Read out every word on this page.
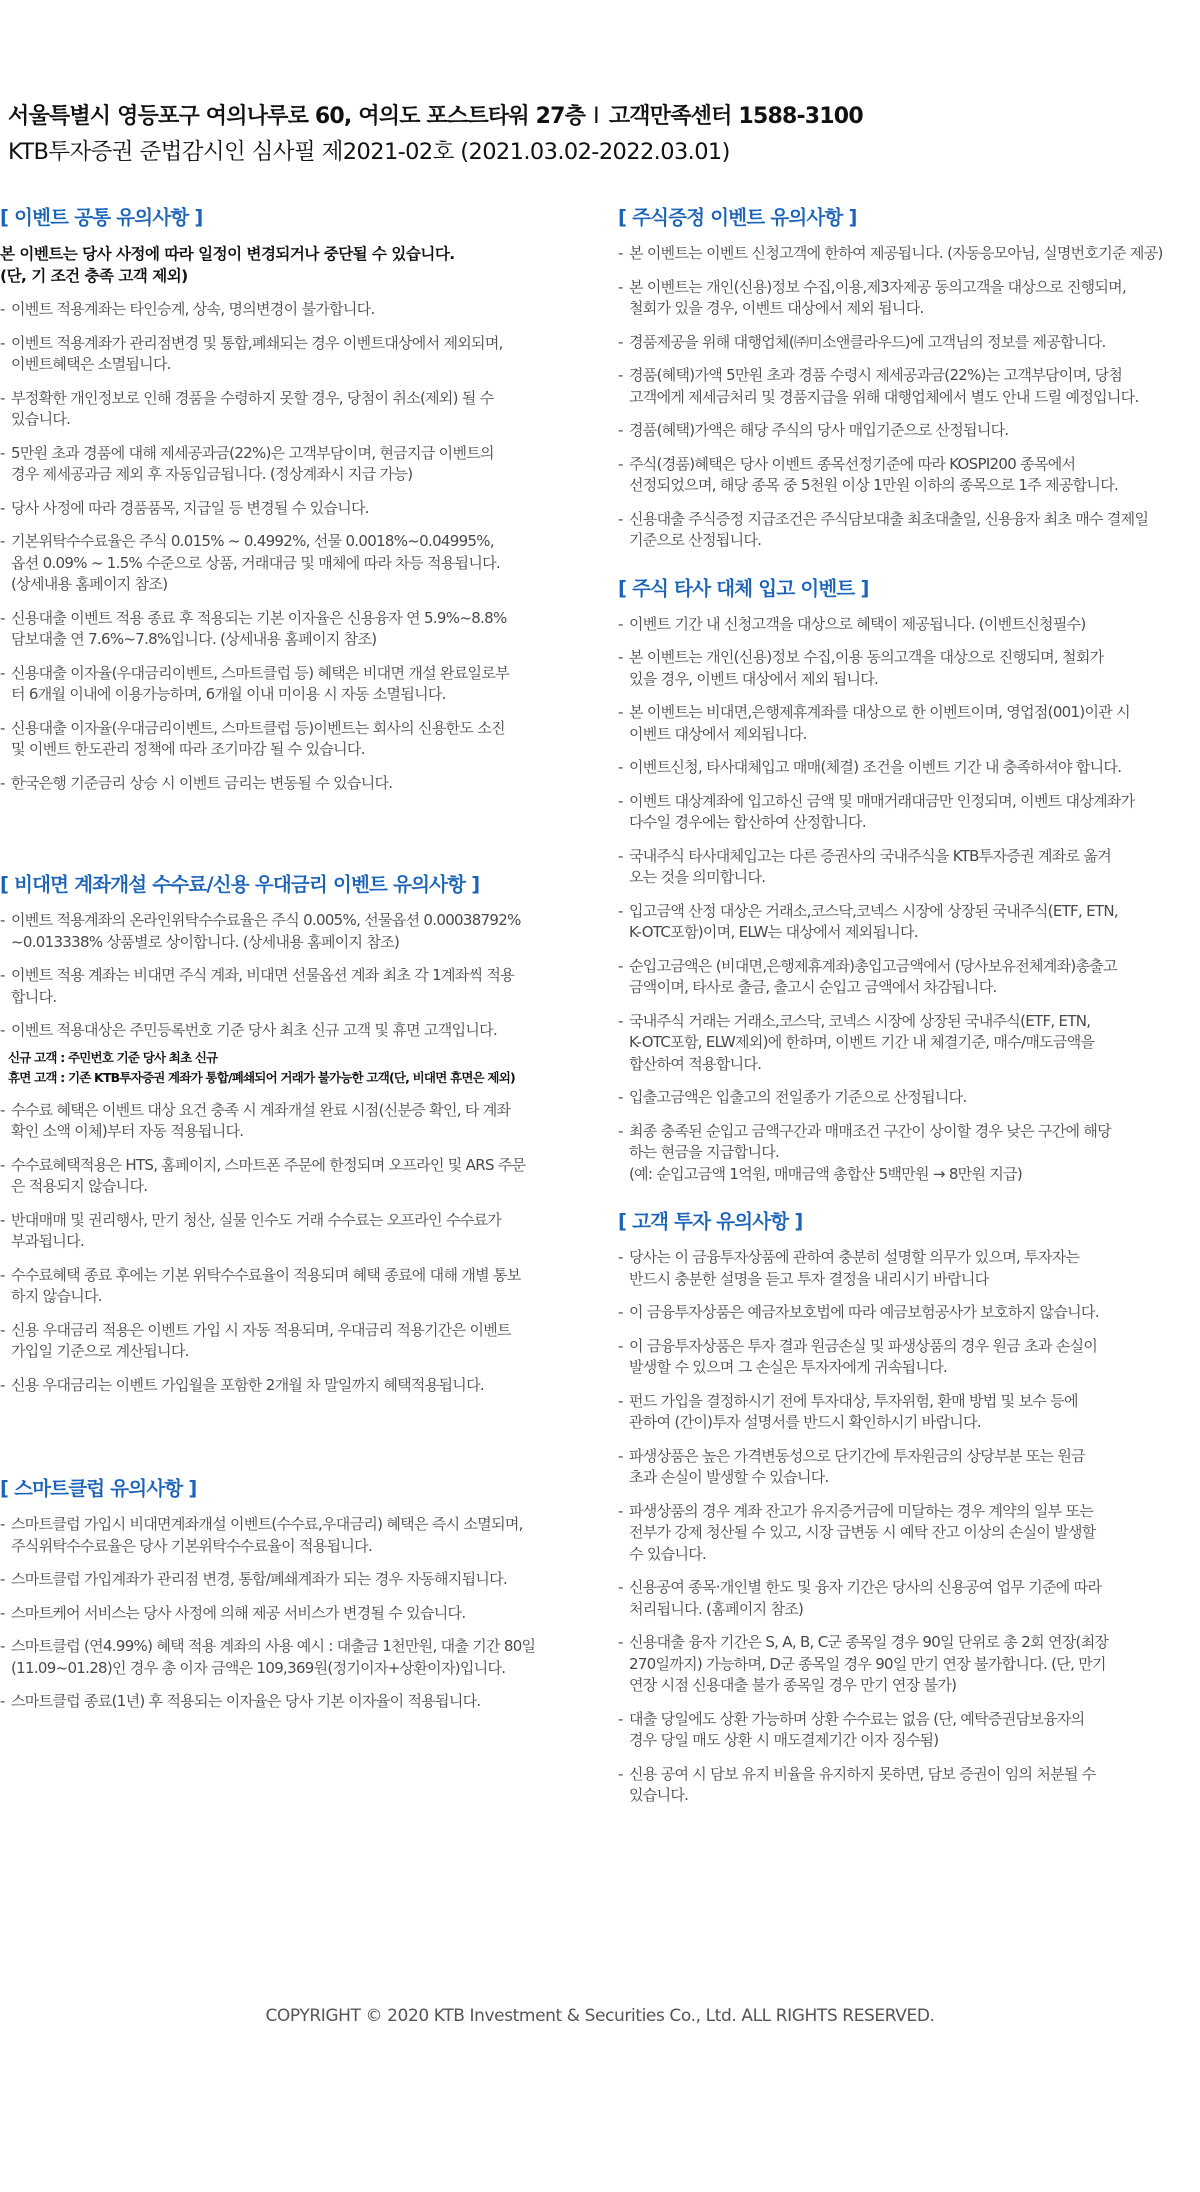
서울특별시 영등포구 여의나루로 60, 여의도 포스트타워 27층 I 고객만족센터 1588-3100
KTB투자증권 준법감시인 심사필 제2021-02호 (2021.03.02-2022.03.01)
[ 이벤트 공통 유의사항 ]
본 이벤트는 당사 사정에 따라 일정이 변경되거나 중단될 수 있습니다.
(단, 기 조건 충족 고객 제외)
- 이벤트 적용계좌는 타인승계, 상속, 명의변경이 불가합니다.
- 이벤트 적용계좌가 관리점변경 및 통합,폐쇄되는 경우 이벤트대상에서 제외되며,
이벤트혜택은 소멸됩니다.
- 부정확한 개인정보로 인해 경품을 수령하지 못할 경우, 당첨이 취소(제외) 될 수
있습니다.
- 5만원 초과 경품에 대해 제세공과금(22%)은 고객부담이며, 현금지급 이벤트의
경우 제세공과금 제외 후 자동입금됩니다. (정상계좌시 지급 가능)
- 당사 사정에 따라 경품품목, 지급일 등 변경될 수 있습니다.
- 기본위탁수수료율은 주식 0.015% ~ 0.4992%, 선물 0.0018%~0.04995%,
옵션 0.09% ~ 1.5% 수준으로 상품, 거래대금 및 매체에 따라 차등 적용됩니다.
(상세내용 홈페이지 참조)
- 신용대출 이벤트 적용 종료 후 적용되는 기본 이자율은 신용융자 연 5.9%~8.8%
담보대출 연 7.6%~7.8%입니다. (상세내용 홈페이지 참조)
- 신용대출 이자율(우대금리이벤트, 스마트클럽 등) 혜택은 비대면 개설 완료일로부
터 6개월 이내에 이용가능하며, 6개월 이내 미이용 시 자동 소멸됩니다.
- 신용대출 이자율(우대금리이벤트, 스마트클럽 등)이벤트는 회사의 신용한도 소진
및 이벤트 한도관리 정책에 따라 조기마감 될 수 있습니다.
- 한국은행 기준금리 상승 시 이벤트 금리는 변동될 수 있습니다.
[ 비대면 계좌개설 수수료/신용 우대금리 이벤트 유의사항 ]
- 이벤트 적용계좌의 온라인위탁수수료율은 주식 0.005%, 선물옵션 0.00038792%
~0.013338% 상품별로 상이합니다. (상세내용 홈페이지 참조)
- 이벤트 적용 계좌는 비대면 주식 계좌, 비대면 선물옵션 계좌 최초 각 1계좌씩 적용
합니다.
- 이벤트 적용대상은 주민등록번호 기준 당사 최초 신규 고객 및 휴면 고객입니다.
신규 고객 : 주민번호 기준 당사 최초 신규
휴면 고객 : 기존 KTB투자증권 계좌가 통합/폐쇄되어 거래가 불가능한 고객(단, 비대면 휴면은 제외)
- 수수료 혜택은 이벤트 대상 요건 충족 시 계좌개설 완료 시점(신분증 확인, 타 계좌
확인 소액 이체)부터 자동 적용됩니다.
- 수수료혜택적용은 HTS, 홈페이지, 스마트폰 주문에 한정되며 오프라인 및 ARS 주문
은 적용되지 않습니다.
- 반대매매 및 권리행사, 만기 청산, 실물 인수도 거래 수수료는 오프라인 수수료가
부과됩니다.
- 수수료혜택 종료 후에는 기본 위탁수수료율이 적용되며 혜택 종료에 대해 개별 통보
하지 않습니다.
- 신용 우대금리 적용은 이벤트 가입 시 자동 적용되며, 우대금리 적용기간은 이벤트
가입일 기준으로 계산됩니다.
- 신용 우대금리는 이벤트 가입월을 포함한 2개월 차 말일까지 혜택적용됩니다.
[ 스마트클럽 유의사항 ]
- 스마트클럽 가입시 비대면계좌개설 이벤트(수수료,우대금리) 혜택은 즉시 소멸되며,
주식위탁수수료율은 당사 기본위탁수수료율이 적용됩니다.
- 스마트클럽 가입계좌가 관리점 변경, 통합/폐쇄계좌가 되는 경우 자동해지됩니다.
- 스마트케어 서비스는 당사 사정에 의해 제공 서비스가 변경될 수 있습니다.
- 스마트클럽 (연4.99%) 혜택 적용 계좌의 사용 예시 : 대출금 1천만원, 대출 기간 80일
(11.09~01.28)인 경우 총 이자 금액은 109,369원(정기이자+상환이자)입니다.
- 스마트클럽 종료(1년) 후 적용되는 이자율은 당사 기본 이자율이 적용됩니다.
[ 주식증정 이벤트 유의사항 ]
- 본 이벤트는 이벤트 신청고객에 한하여 제공됩니다. (자동응모아님, 실명번호기준 제공)
- 본 이벤트는 개인(신용)정보 수집,이용,제3자제공 동의고객을 대상으로 진행되며,
철회가 있을 경우, 이벤트 대상에서 제외 됩니다.
- 경품제공을 위해 대행업체(㈜미소앤클라우드)에 고객님의 정보를 제공합니다.
- 경품(혜택)가액 5만원 초과 경품 수령시 제세공과금(22%)는 고객부담이며, 당첨
고객에게 제세금처리 및 경품지급을 위해 대행업체에서 별도 안내 드릴 예정입니다.
- 경품(혜택)가액은 해당 주식의 당사 매입기준으로 산정됩니다.
- 주식(경품)혜택은 당사 이벤트 종목선정기준에 따라 KOSPI200 종목에서
선정되었으며, 해당 종목 중 5천원 이상 1만원 이하의 종목으로 1주 제공합니다.
- 신용대출 주식증정 지급조건은 주식담보대출 최초대출일, 신용융자 최초 매수 결제일
기준으로 산정됩니다.
[ 주식 타사 대체 입고 이벤트 ]
- 이벤트 기간 내 신청고객을 대상으로 혜택이 제공됩니다. (이벤트신청필수)
- 본 이벤트는 개인(신용)정보 수집,이용 동의고객을 대상으로 진행되며, 철회가
있을 경우, 이벤트 대상에서 제외 됩니다.
- 본 이벤트는 비대면,은행제휴계좌를 대상으로 한 이벤트이며, 영업점(001)이관 시
이벤트 대상에서 제외됩니다.
- 이벤트신청, 타사대체입고 매매(체결) 조건을 이벤트 기간 내 충족하셔야 합니다.
- 이벤트 대상계좌에 입고하신 금액 및 매매거래대금만 인정되며, 이벤트 대상계좌가
다수일 경우에는 합산하여 산정합니다.
- 국내주식 타사대체입고는 다른 증권사의 국내주식을 KTB투자증권 계좌로 옮겨
오는 것을 의미합니다.
- 입고금액 산정 대상은 거래소,코스닥,코넥스 시장에 상장된 국내주식(ETF, ETN,
K-OTC포함)이며, ELW는 대상에서 제외됩니다.
- 순입고금액은 (비대면,은행제휴계좌)총입고금액에서 (당사보유전체계좌)총출고
금액이며, 타사로 출금, 출고시 순입고 금액에서 차감됩니다.
- 국내주식 거래는 거래소,코스닥, 코넥스 시장에 상장된 국내주식(ETF, ETN,
K-OTC포함, ELW제외)에 한하며, 이벤트 기간 내 체결기준, 매수/매도금액을
합산하여 적용합니다.
- 입출고금액은 입출고의 전일종가 기준으로 산정됩니다.
- 최종 충족된 순입고 금액구간과 매매조건 구간이 상이할 경우 낮은 구간에 해당
하는 현금을 지급합니다.
(예: 순입고금액 1억원, 매매금액 총합산 5백만원 → 8만원 지급)
[ 고객 투자 유의사항 ]
- 당사는 이 금융투자상품에 관하여 충분히 설명할 의무가 있으며, 투자자는
반드시 충분한 설명을 듣고 투자 결정을 내리시기 바랍니다
- 이 금융투자상품은 예금자보호법에 따라 예금보험공사가 보호하지 않습니다.
- 이 금융투자상품은 투자 결과 원금손실 및 파생상품의 경우 원금 초과 손실이
발생할 수 있으며 그 손실은 투자자에게 귀속됩니다.
- 펀드 가입을 결정하시기 전에 투자대상, 투자위험, 환매 방법 및 보수 등에
관하여 (간이)투자 설명서를 반드시 확인하시기 바랍니다.
- 파생상품은 높은 가격변동성으로 단기간에 투자원금의 상당부분 또는 원금
초과 손실이 발생할 수 있습니다.
- 파생상품의 경우 계좌 잔고가 유지증거금에 미달하는 경우 계약의 일부 또는
전부가 강제 청산될 수 있고, 시장 급변동 시 예탁 잔고 이상의 손실이 발생할
수 있습니다.
- 신용공여 종목·개인별 한도 및 융자 기간은 당사의 신용공여 업무 기준에 따라
처리됩니다. (홈페이지 참조)
- 신용대출 융자 기간은 S, A, B, C군 종목일 경우 90일 단위로 총 2회 연장(최장
270일까지) 가능하며, D군 종목일 경우 90일 만기 연장 불가합니다. (단, 만기
연장 시점 신용대출 불가 종목일 경우 만기 연장 불가)
- 대출 당일에도 상환 가능하며 상환 수수료는 없음 (단, 예탁증권담보융자의
경우 당일 매도 상환 시 매도결제기간 이자 징수됨)
- 신용 공여 시 담보 유지 비율을 유지하지 못하면, 담보 증권이 임의 처분될 수
있습니다.
COPYRIGHT © 2020 KTB Investment & Securities Co., Ltd. ALL RIGHTS RESERVED.
